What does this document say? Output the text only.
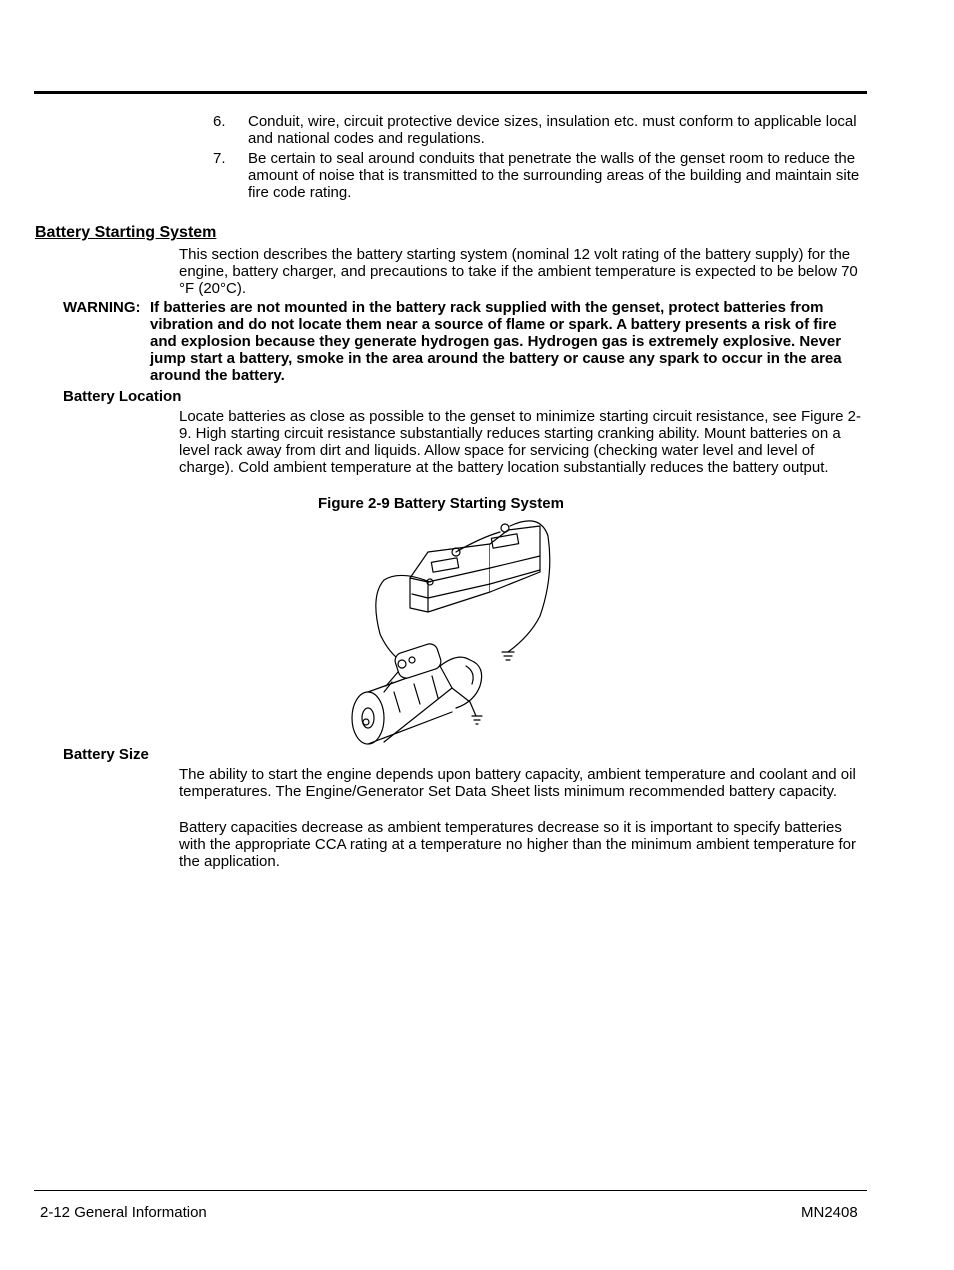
6.	Conduit, wire, circuit protective device sizes, insulation etc. must conform to applicable local and national codes and regulations.
7.	Be certain to seal around conduits that penetrate the walls of the genset room to reduce the amount of noise that is transmitted to the surrounding areas of the building and maintain site fire code rating.
Battery Starting System
This section describes the battery starting system (nominal 12 volt rating of the battery supply) for the engine, battery charger, and precautions to take if the ambient temperature is expected to be below 70 °F (20°C).
WARNING: If batteries are not mounted in the battery rack supplied with the genset, protect batteries from vibration and do not locate them near a source of flame or spark. A battery presents a risk of fire and explosion because they generate hydrogen gas. Hydrogen gas is extremely explosive. Never jump start a battery, smoke in the area around the battery or cause any spark to occur in the area around the battery.
Battery Location
Locate batteries as close as possible to the genset to minimize starting circuit resistance, see Figure 2-9. High starting circuit resistance substantially reduces starting cranking ability. Mount batteries on a level rack away from dirt and liquids. Allow space for servicing (checking water level and level of charge). Cold ambient temperature at the battery location substantially reduces the battery output.
Figure 2-9 Battery Starting System
Battery Size
The ability to start the engine depends upon battery capacity, ambient temperature and coolant and oil temperatures. The Engine/Generator Set Data Sheet lists minimum recommended battery capacity.
Battery capacities decrease as ambient temperatures decrease so it is important to specify batteries with the appropriate CCA rating at a temperature no higher than the minimum ambient temperature for the application.
2-12 General Information	MN2408
